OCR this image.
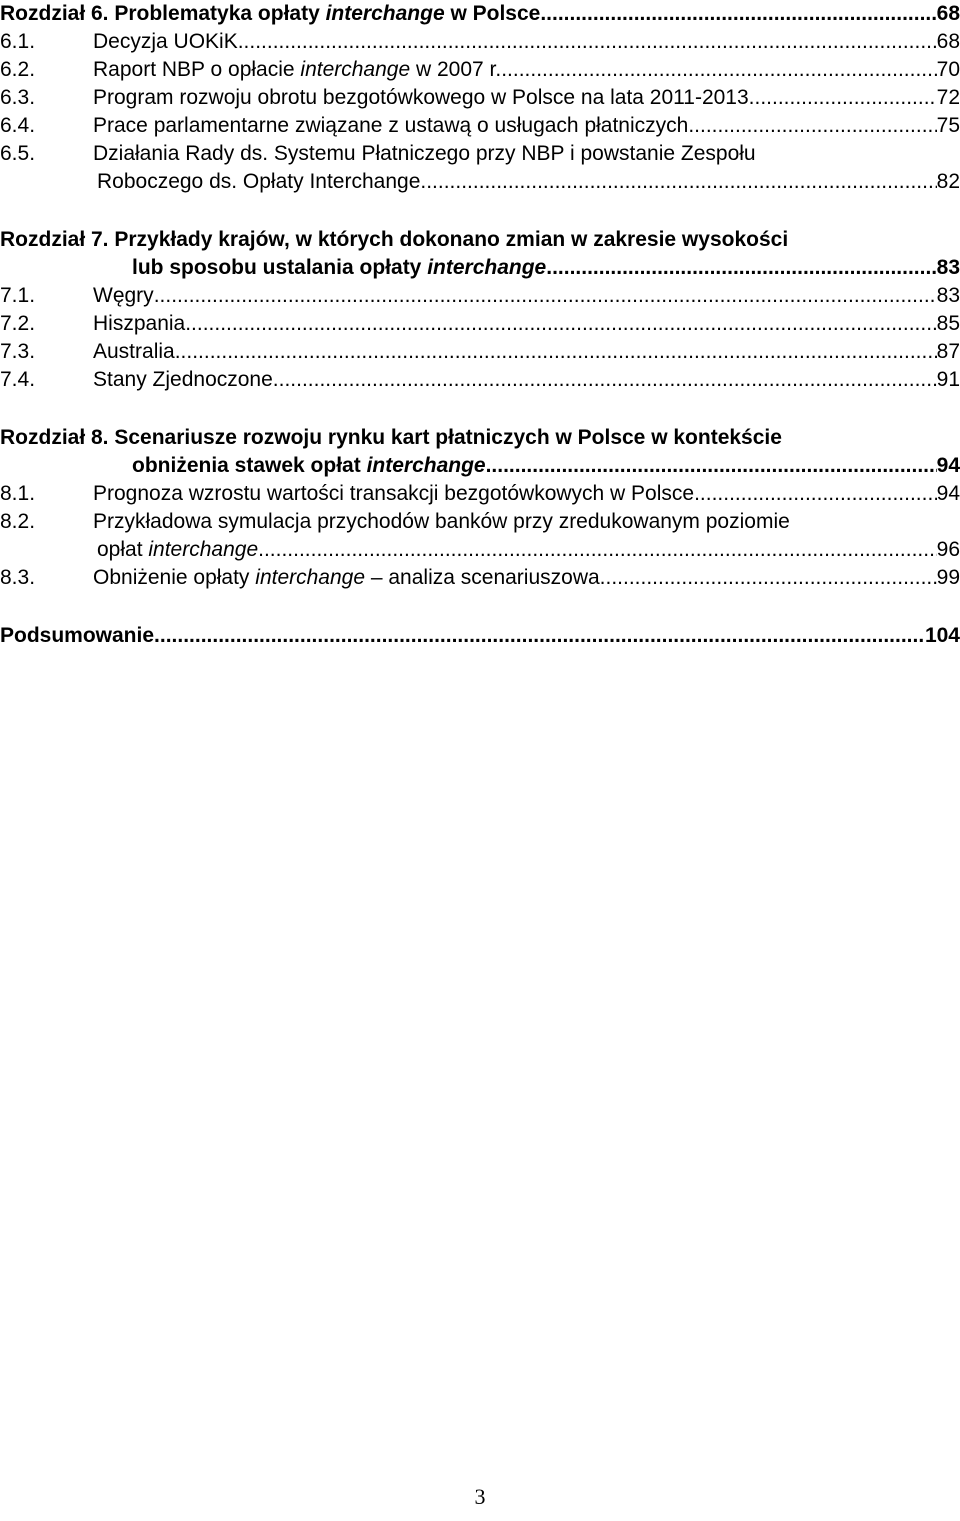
Rozdział 6. Problematyka opłaty interchange w Polsce .....	68
6.1.	Decyzja UOKiK .....	68
6.2.	Raport NBP o opłacie interchange w 2007 r. .....	70
6.3.	Program rozwoju obrotu bezgotówkowego w Polsce na lata 2011-2013 .....	72
6.4.	Prace parlamentarne związane z ustawą o usługach płatniczych .....	75
6.5.	Działania Rady ds. Systemu Płatniczego przy NBP i powstanie Zespołu
Roboczego ds. Opłaty Interchange .....	82
Rozdział 7. Przykłady krajów, w których dokonano zmian w zakresie wysokości
lub sposobu ustalania opłaty interchange .....	83
7.1.	Węgry .....	83
7.2.	Hiszpania .....	85
7.3.	Australia .....	87
7.4.	Stany Zjednoczone .....	91
Rozdział 8. Scenariusze rozwoju rynku kart płatniczych w Polsce w kontekście
obniżenia stawek opłat interchange .....	94
8.1.	Prognoza wzrostu wartości transakcji bezgotówkowych w Polsce .....	94
8.2.	Przykładowa symulacja przychodów banków przy zredukowanym poziomie
opłat interchange .....	96
8.3.	Obniżenie opłaty interchange – analiza scenariuszowa .....	99
Podsumowanie .....	104
3
